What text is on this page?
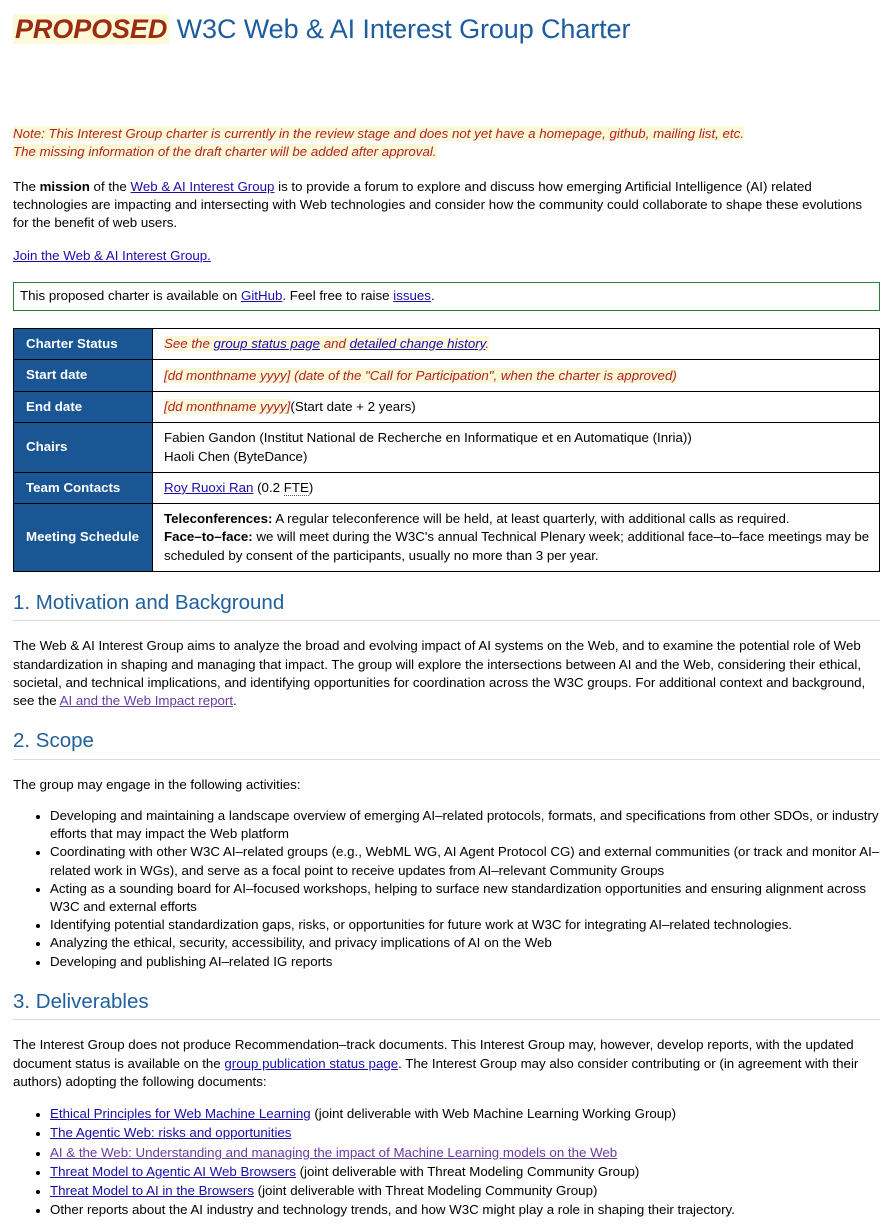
PROPOSED W3C Web & AI Interest Group Charter

Note: This Interest Group charter is currently in the review stage and does not yet have a homepage, github, mailing list, etc.
The missing information of the draft charter will be added after approval.

The mission of the Web & AI Interest Group is to provide a forum to explore and discuss how emerging Artificial Intelligence (AI) related technologies are impacting and intersecting with Web technologies and consider how the community could collaborate to shape these evolutions for the benefit of web users.

Join the Web & AI Interest Group.

This proposed charter is available on GitHub. Feel free to raise issues.
Charter Status	See the group status page and detailed change history.
Start date	[dd monthname yyyy] (date of the "Call for Participation", when the charter is approved)
End date	[dd monthname yyyy](Start date + 2 years)
Chairs	Fabien Gandon (Institut National de Recherche en Informatique et en Automatique (Inria))
Haoli Chen (ByteDance)
Team Contacts	Roy Ruoxi Ran (0.2 FTE)
Meeting Schedule	Teleconferences: A regular teleconference will be held, at least quarterly, with additional calls as required.
Face–to–face: we will meet during the W3C's annual Technical Plenary week; additional face–to–face meetings may be scheduled by consent of the participants, usually no more than 3 per year.
1. Motivation and Background

The Web & AI Interest Group aims to analyze the broad and evolving impact of AI systems on the Web, and to examine the potential role of Web standardization in shaping and managing that impact. The group will explore the intersections between AI and the Web, considering their ethical, societal, and technical implications, and identifying opportunities for coordination across the W3C groups. For additional context and background, see the AI and the Web Impact report.

2. Scope

The group may engage in the following activities:

• Developing and maintaining a landscape overview of emerging AI–related protocols, formats, and specifications from other SDOs, or industry efforts that may impact the Web platform
• Coordinating with other W3C AI–related groups (e.g., WebML WG, AI Agent Protocol CG) and external communities (or track and monitor AI–related work in WGs), and serve as a focal point to receive updates from AI–relevant Community Groups
• Acting as a sounding board for AI–focused workshops, helping to surface new standardization opportunities and ensuring alignment across W3C and external efforts
• Identifying potential standardization gaps, risks, or opportunities for future work at W3C for integrating AI–related technologies.
• Analyzing the ethical, security, accessibility, and privacy implications of AI on the Web
• Developing and publishing AI–related IG reports
3. Deliverables

The Interest Group does not produce Recommendation–track documents. This Interest Group may, however, develop reports, with the updated document status is available on the group publication status page. The Interest Group may also consider contributing or (in agreement with their authors) adopting the following documents:

• Ethical Principles for Web Machine Learning (joint deliverable with Web Machine Learning Working Group)
• The Agentic Web: risks and opportunities
• AI & the Web: Understanding and managing the impact of Machine Learning models on the Web
• Threat Model to Agentic AI Web Browsers (joint deliverable with Threat Modeling Community Group)
• Threat Model to AI in the Browsers (joint deliverable with Threat Modeling Community Group)
• Other reports about the AI industry and technology trends, and how W3C might play a role in shaping their trajectory.
